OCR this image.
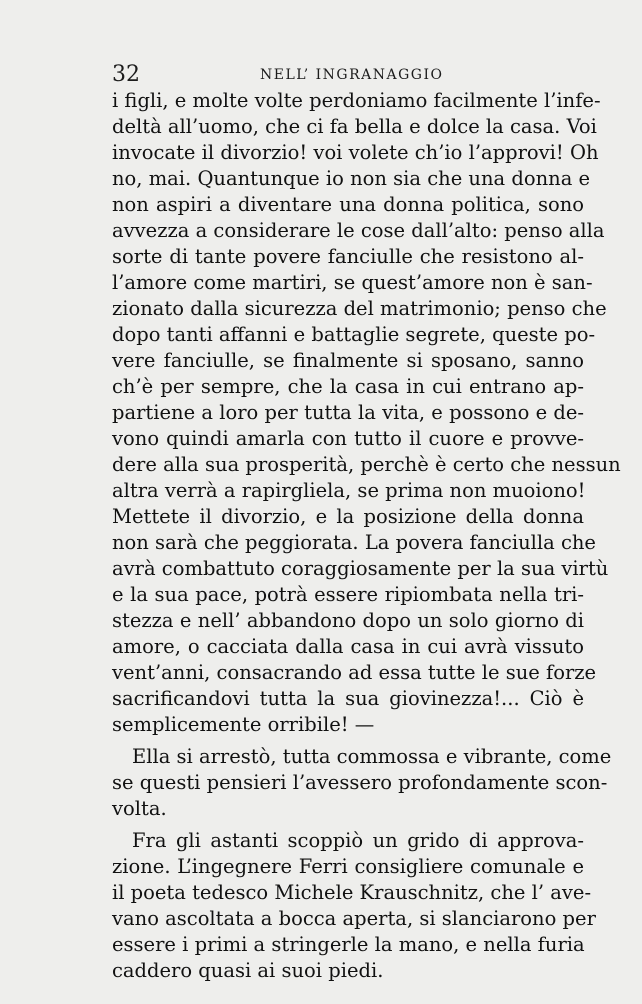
32	NELL’ INGRANAGGIO
i figli, e molte volte perdoniamo facilmente l’infe-
deltà all’uomo, che ci fa bella e dolce la casa. Voi
invocate il divorzio! voi volete ch’io l’approvi! Oh
no, mai. Quantunque io non sia che una donna e
non aspiri a diventare una donna politica, sono
avvezza a considerare le cose dall’alto: penso alla
sorte di tante povere fanciulle che resistono al-
l’amore come martiri, se quest’amore non è san-
zionato dalla sicurezza del matrimonio; penso che
dopo tanti affanni e battaglie segrete, queste po-
vere fanciulle, se finalmente si sposano, sanno
ch’è per sempre, che la casa in cui entrano ap-
partiene a loro per tutta la vita, e possono e de-
vono quindi amarla con tutto il cuore e provve-
dere alla sua prosperità, perchè è certo che nessun
altra verrà a rapirgliela, se prima non muoiono!
Mettete il divorzio, e la posizione della donna
non sarà che peggiorata. La povera fanciulla che
avrà combattuto coraggiosamente per la sua virtù
e la sua pace, potrà essere ripiombata nella tri-
stezza e nell’ abbandono dopo un solo giorno di
amore, o cacciata dalla casa in cui avrà vissuto
vent’anni, consacrando ad essa tutte le sue forze
sacrificandovi tutta la sua giovinezza!... Ciò è
semplicemente orribile! —
Ella si arrestò, tutta commossa e vibrante, come
se questi pensieri l’avessero profondamente scon-
volta.
Fra gli astanti scoppiò un grido di approva-
zione. L’ingegnere Ferri consigliere comunale e
il poeta tedesco Michele Krauschnitz, che l’ ave-
vano ascoltata a bocca aperta, si slanciarono per
essere i primi a stringerle la mano, e nella furia
caddero quasi ai suoi piedi.
